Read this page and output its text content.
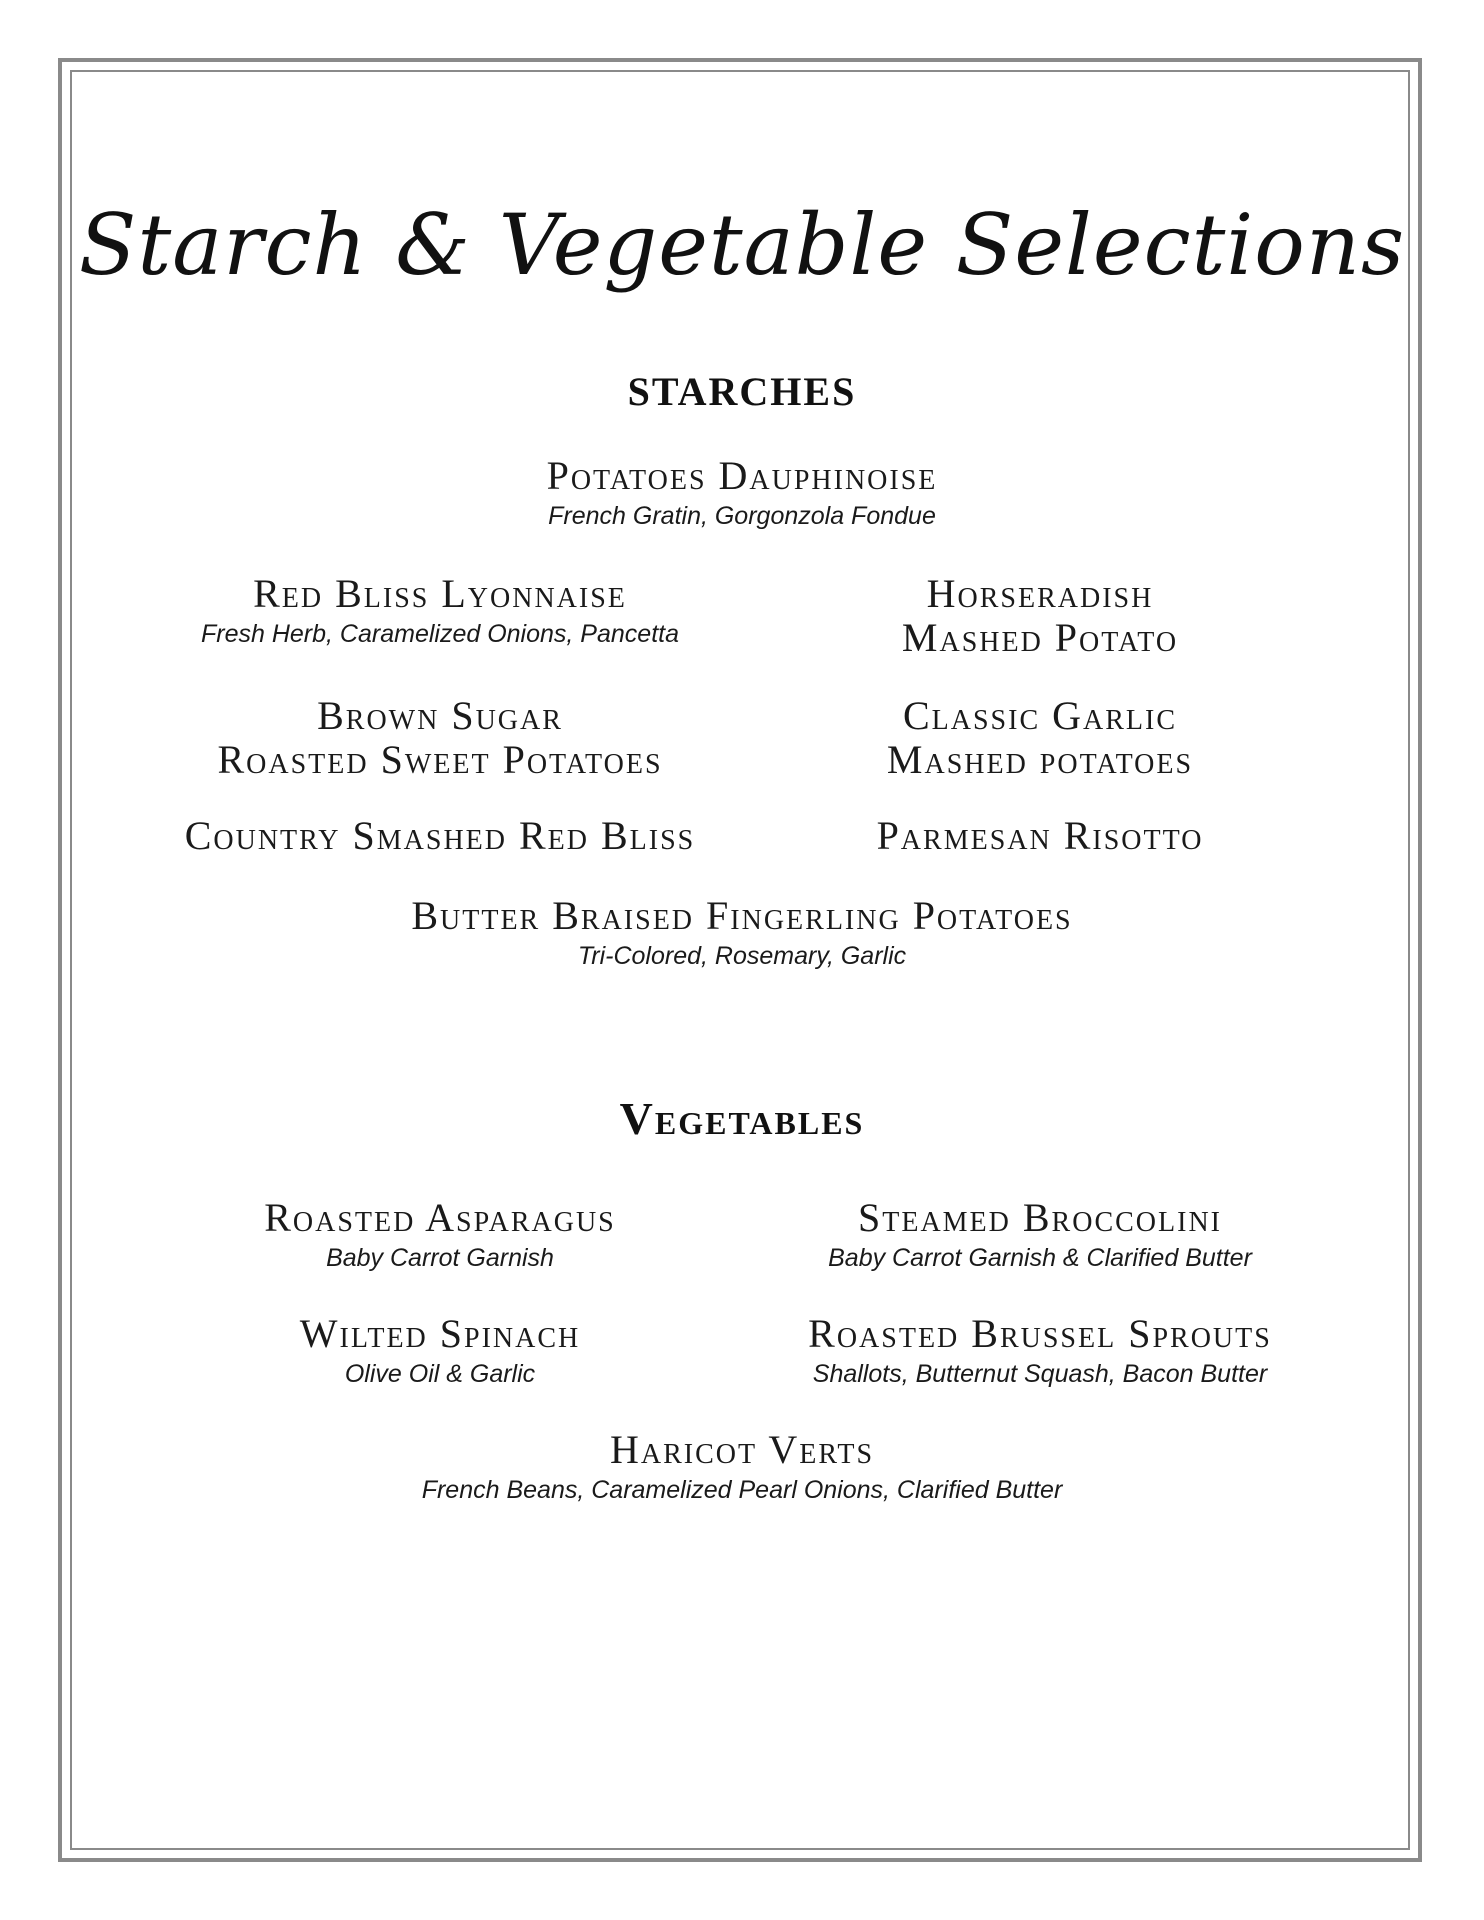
Starch & Vegetable Selections
STARCHES
Potatoes Dauphinoise
French Gratin, Gorgonzola Fondue
Red Bliss Lyonnaise
Fresh Herb, Caramelized Onions, Pancetta
Horseradish
Mashed Potato
Brown Sugar
Roasted Sweet Potatoes
Classic Garlic
Mashed potatoes
Country Smashed Red Bliss	Parmesan Risotto
Butter Braised Fingerling Potatoes
Tri-Colored, Rosemary, Garlic
Vegetables
Roasted Asparagus
Baby Carrot Garnish
Steamed Broccolini
Baby Carrot Garnish & Clarified Butter
Wilted Spinach
Olive Oil & Garlic
Roasted Brussel Sprouts
Shallots, Butternut Squash, Bacon Butter
Haricot Verts
French Beans, Caramelized Pearl Onions, Clarified Butter
